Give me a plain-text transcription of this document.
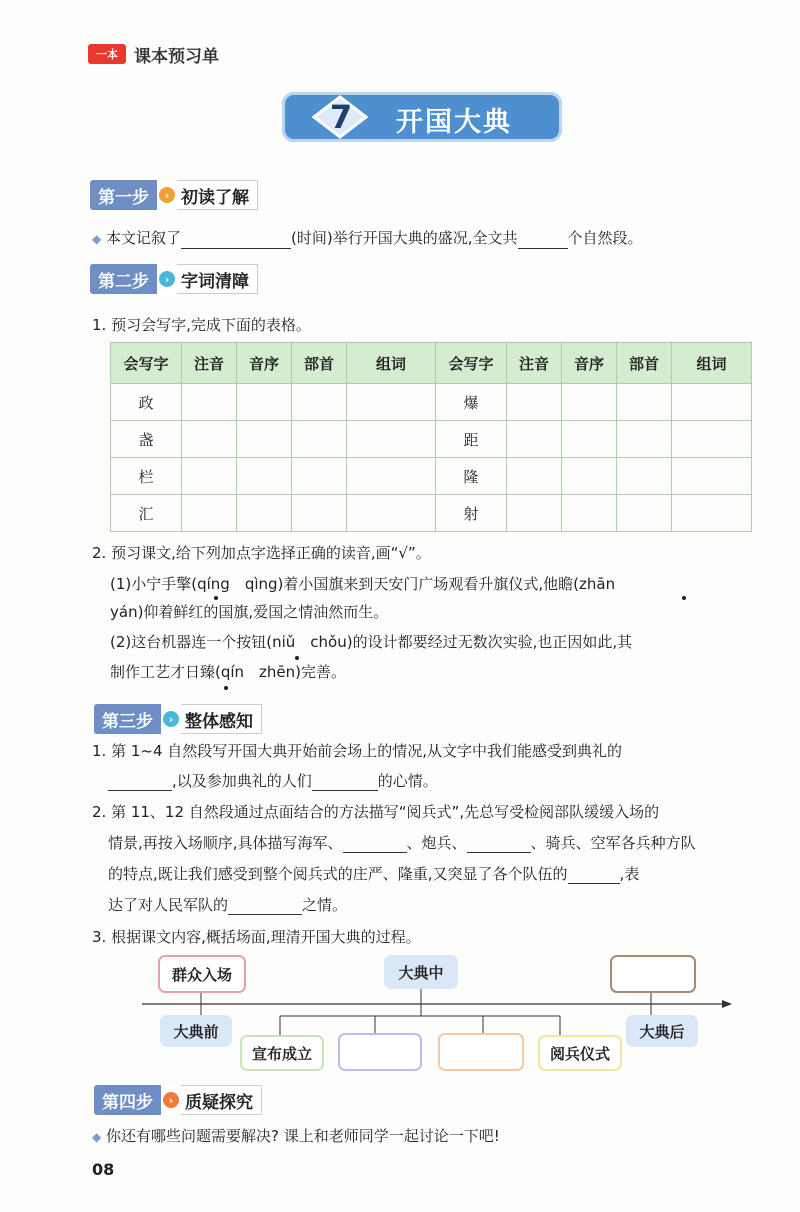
一本 课本预习单
7 开国大典
第一步	› 初读了解
◆ 本文记叙了	(时间)举行开国大典的盛况,全文共	个自然段。
第二步	› 字词清障
1. 预习会写字,完成下面的表格。
会写字	注音	音序	部首	组词	会写字	注音	音序	部首	组词
政					爆				
盏					距				
栏					隆				
汇					射				
2. 预习课文,给下列加点字选择正确的读音,画“√”。
(1)小宁手擎(qíng　qìng)着小国旗来到天安门广场观看升旗仪式,他瞻(zhān
yán)仰着鲜红的国旗,爱国之情油然而生。
(2)这台机器连一个按钮(niǔ　chǒu)的设计都要经过无数次实验,也正因如此,其
制作工艺才日臻(qín　zhēn)完善。
第三步	› 整体感知
1. 第 1~4 自然段写开国大典开始前会场上的情况,从文字中我们能感受到典礼的
,以及参加典礼的人们	的心情。
2. 第 11、12 自然段通过点面结合的方法描写“阅兵式”,先总写受检阅部队缓缓入场的
情景,再按入场顺序,具体描写海军、	、炮兵、	、骑兵、空军各兵种方队
的特点,既让我们感受到整个阅兵式的庄严、隆重,又突显了各个队伍的	,表
达了对人民军队的	之情。
3. 根据课文内容,概括场面,理清开国大典的过程。
群众入场	大典中
大典前	大典后
宣布成立	阅兵仪式
第四步	› 质疑探究
◆ 你还有哪些问题需要解决? 课上和老师同学一起讨论一下吧!
08
